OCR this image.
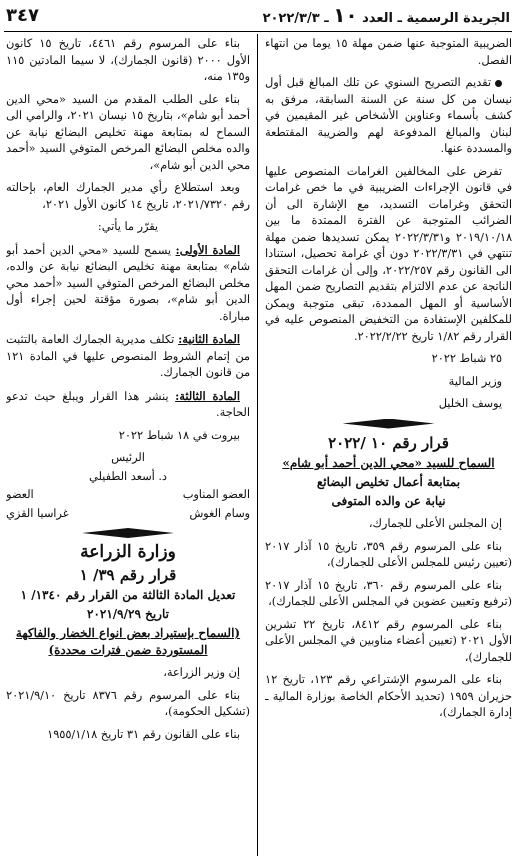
الجريدة الرسمية ـ العدد ١٠ ـ ٢٠٢٢/٣/٣
٣٤٧

الضريبية المتوجبة عنها ضمن مهلة ١٥ يوما من انتهاء الفصل.

تقديم التصريح السنوي عن تلك المبالغ قبل أول نيسان من كل سنة عن السنة السابقة، مرفق به كشف بأسماء وعناوين الأشخاص غير المقيمين في لبنان والمبالغ المدفوعة لهم والضريبة المقتطعة والمسددة عنها.

تفرض على المخالفين الغرامات المنصوص عليها في قانون الإجراءات الضريبية في ما خص غرامات التحقق وغرامات التسديد، مع الإشارة الى أن الضرائب المتوجبة عن الفترة الممتدة ما بين ٢٠١٩/١٠/١٨ و٢٠٢٢/٣/٣١ يمكن تسديدها ضمن مهلة تنتهي في ٢٠٢٢/٣/٣١ دون أي غرامة تحصيل، استنادا الى القانون رقم ٢٠٢٢/٢٥٧، وإلى أن غرامات التحقق الناتجة عن عدم الالتزام بتقديم التصاريح ضمن المهل الأساسية أو المهل الممددة، تبقى متوجبة ويمكن للمكلفين الإستفادة من التخفيض المنصوص عليه في القرار رقم ١/٨٢ تاريخ ٢٠٢٢/٢/٢٢.

٢٥ شباط ٢٠٢٢

وزير المالية

يوسف الخليل

قرار رقم ١٠ /٢٠٢٢
السماح للسيد «محي الدين أحمد أبو شام»
بمتابعة أعمال تخليص البضائع
نيابة عن والده المتوفى

إن المجلس الأعلى للجمارك،

بناء على المرسوم رقم ٣٥٩، تاريخ ١٥ آذار ٢٠١٧ (تعيين رئيس للمجلس الأعلى للجمارك)،

بناء على المرسوم رقم ٣٦٠، تاريخ ١٥ آذار ٢٠١٧ (ترفيع وتعيين عضوين في المجلس الأعلى للجمارك)،

بناء على المرسوم رقم ٨٤١٢، تاريخ ٢٢ تشرين الأول ٢٠٢١ (تعيين أعضاء مناوبين في المجلس الأعلى للجمارك)،

بناء على المرسوم الإشتراعي رقم ١٢٣، تاريخ ١٢ حزيران ١٩٥٩ (تحديد الأحكام الخاصة بوزارة المالية ـ إدارة الجمارك)،

بناء على المرسوم رقم ٤٤٦١، تاريخ ١٥ كانون الأول ٢٠٠٠ (قانون الجمارك)، لا سيما المادتين ١١٥ و١٣٥ منه،

بناء على الطلب المقدم من السيد «محي الدين أحمد أبو شام»، بتاريخ ١٥ نيسان ٢٠٢١، والرامي الى السماح له بمتابعة مهنة تخليص البضائع نيابة عن والده مخلص البضائع المرخص المتوفي السيد «أحمد محي الدين أبو شام»،

وبعد استطلاع رأي مدير الجمارك العام، بإحالته رقم ٢٠٢١/٧٣٢٠، تاريخ ١٤ كانون الأول ٢٠٢١،

يقرّر ما يأتي:

المادة الأولى: يسمح للسيد «محي الدين أحمد أبو شام» بمتابعة مهنة تخليص البضائع نيابة عن والده، مخلص البضائع المرخص المتوفي السيد «أحمد محي الدين أبو شام»، بصورة مؤقتة لحين إجراء أول مباراة.

المادة الثانية: تكلف مديرية الجمارك العامة بالتثبت من إتمام الشروط المنصوص عليها في المادة ١٢١ من قانون الجمارك.

المادة الثالثة: ينشر هذا القرار ويبلغ حيث تدعو الحاجة.

بيروت في ١٨ شباط ٢٠٢٢

الرئيس
د. أسعد الطفيلي
العضو المناوب
العضو
وسام الغوش
غراسيا القزي
وزارة الزراعة
قرار رقم ٣٩/ ١
تعديل المادة الثالثة من القرار رقم ١٣٤٠/ ١
تاريخ ٢٠٢١/٩/٢٩
(السماح بإستيراد بعض انواع الخضار والفاكهة المستوردة ضمن فترات محددة)

إن وزير الزراعة،

بناء على المرسوم رقم ٨٣٧٦ تاريخ ٢٠٢١/٩/١٠ (تشكيل الحكومة)،

بناء على القانون رقم ٣١ تاريخ ١٩٥٥/١/١٨
